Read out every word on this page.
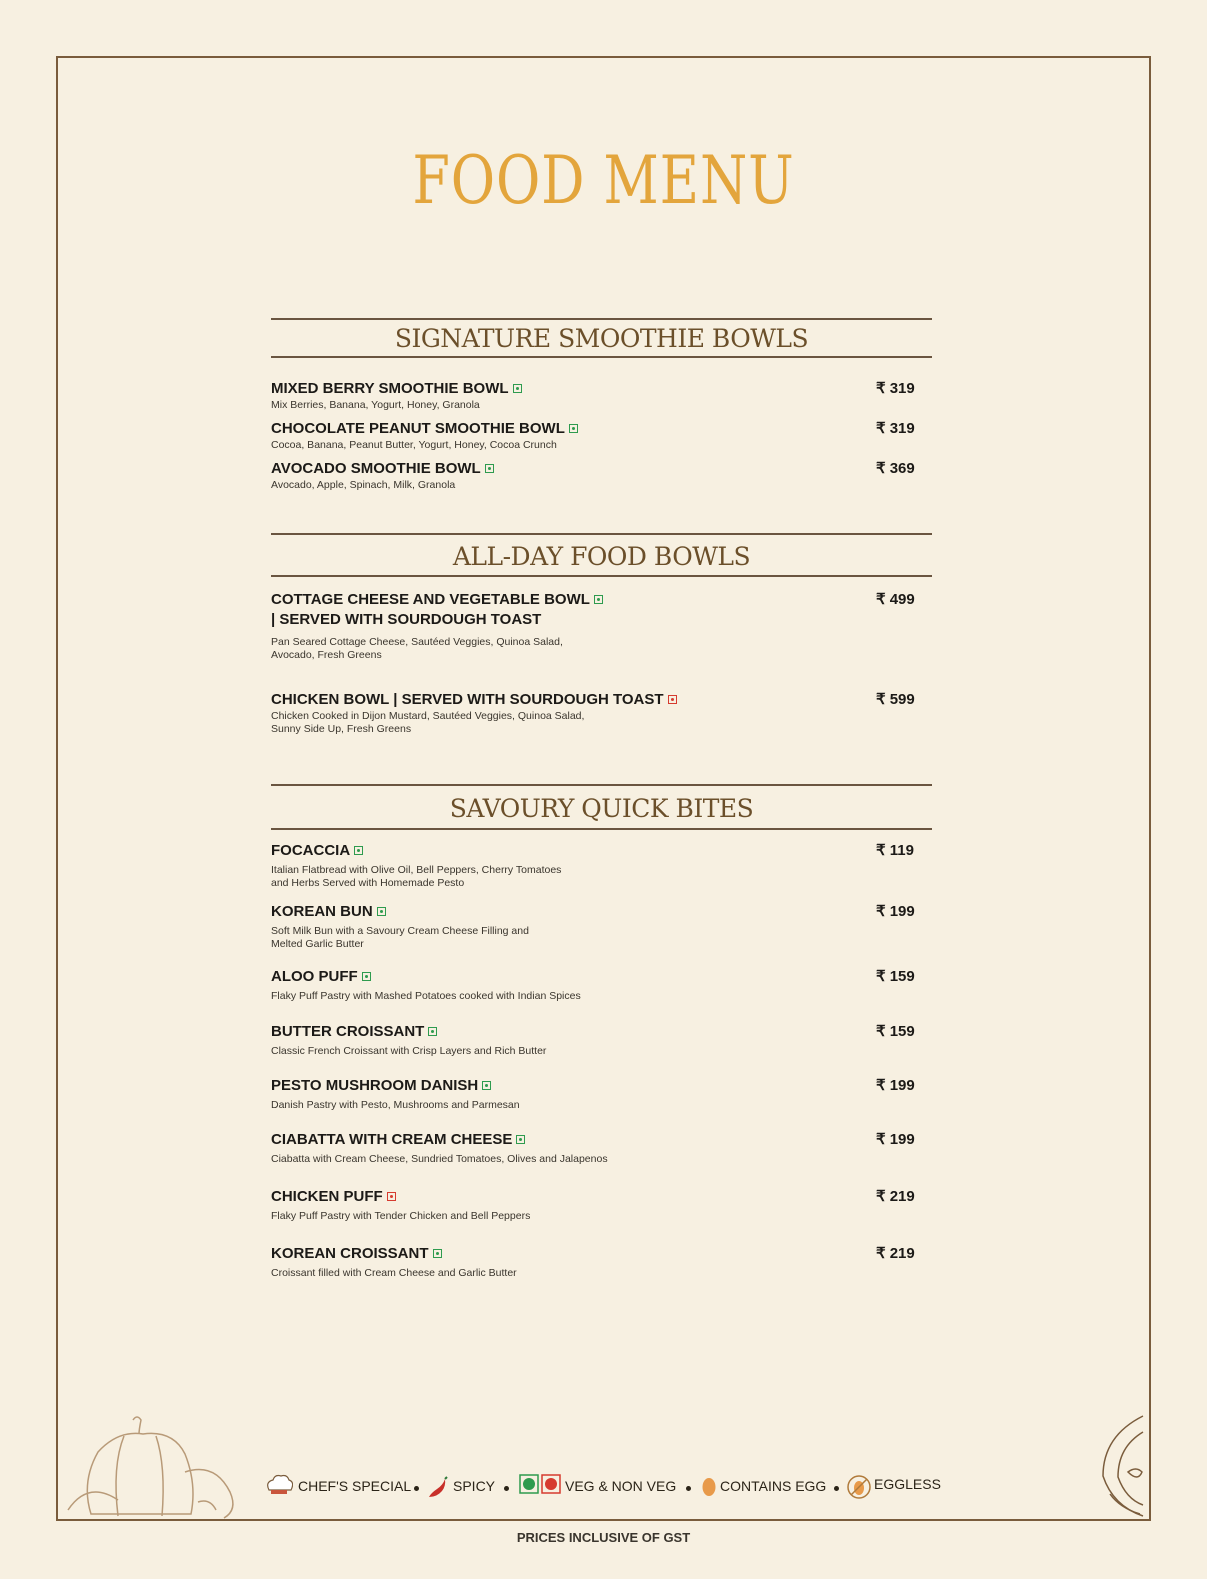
FOOD MENU
SIGNATURE SMOOTHIE BOWLS
MIXED BERRY SMOOTHIE BOWL
Mix Berries, Banana, Yogurt, Honey, Granola
₹ 319
CHOCOLATE PEANUT SMOOTHIE BOWL
Cocoa, Banana, Peanut Butter, Yogurt, Honey, Cocoa Crunch
₹ 319
AVOCADO SMOOTHIE BOWL
Avocado, Apple, Spinach, Milk, Granola
₹ 369
ALL-DAY FOOD BOWLS
COTTAGE CHEESE AND VEGETABLE BOWL
| SERVED WITH SOURDOUGH TOAST
Pan Seared Cottage Cheese, Sautéed Veggies, Quinoa Salad,
Avocado, Fresh Greens
₹ 499
CHICKEN BOWL | SERVED WITH SOURDOUGH TOAST
Chicken Cooked in Dijon Mustard, Sautéed Veggies, Quinoa Salad,
Sunny Side Up, Fresh Greens
₹ 599
SAVOURY QUICK BITES
FOCACCIA
Italian Flatbread with Olive Oil, Bell Peppers, Cherry Tomatoes
and Herbs Served with Homemade Pesto
₹ 119
KOREAN BUN
Soft Milk Bun with a Savoury Cream Cheese Filling and
Melted Garlic Butter
₹ 199
ALOO PUFF
Flaky Puff Pastry with Mashed Potatoes cooked with Indian Spices
₹ 159
BUTTER CROISSANT
Classic French Croissant with Crisp Layers and Rich Butter
₹ 159
PESTO MUSHROOM DANISH
Danish Pastry with Pesto, Mushrooms and Parmesan
₹ 199
CIABATTA WITH CREAM CHEESE
Ciabatta with Cream Cheese, Sundried Tomatoes, Olives and Jalapenos
₹ 199
CHICKEN PUFF
Flaky Puff Pastry with Tender Chicken and Bell Peppers
₹ 219
KOREAN CROISSANT
Croissant filled with Cream Cheese and Garlic Butter
₹ 219
CHEF'S SPECIAL	SPICY	VEG & NON VEG	CONTAINS EGG	EGGLESS
PRICES INCLUSIVE OF GST
